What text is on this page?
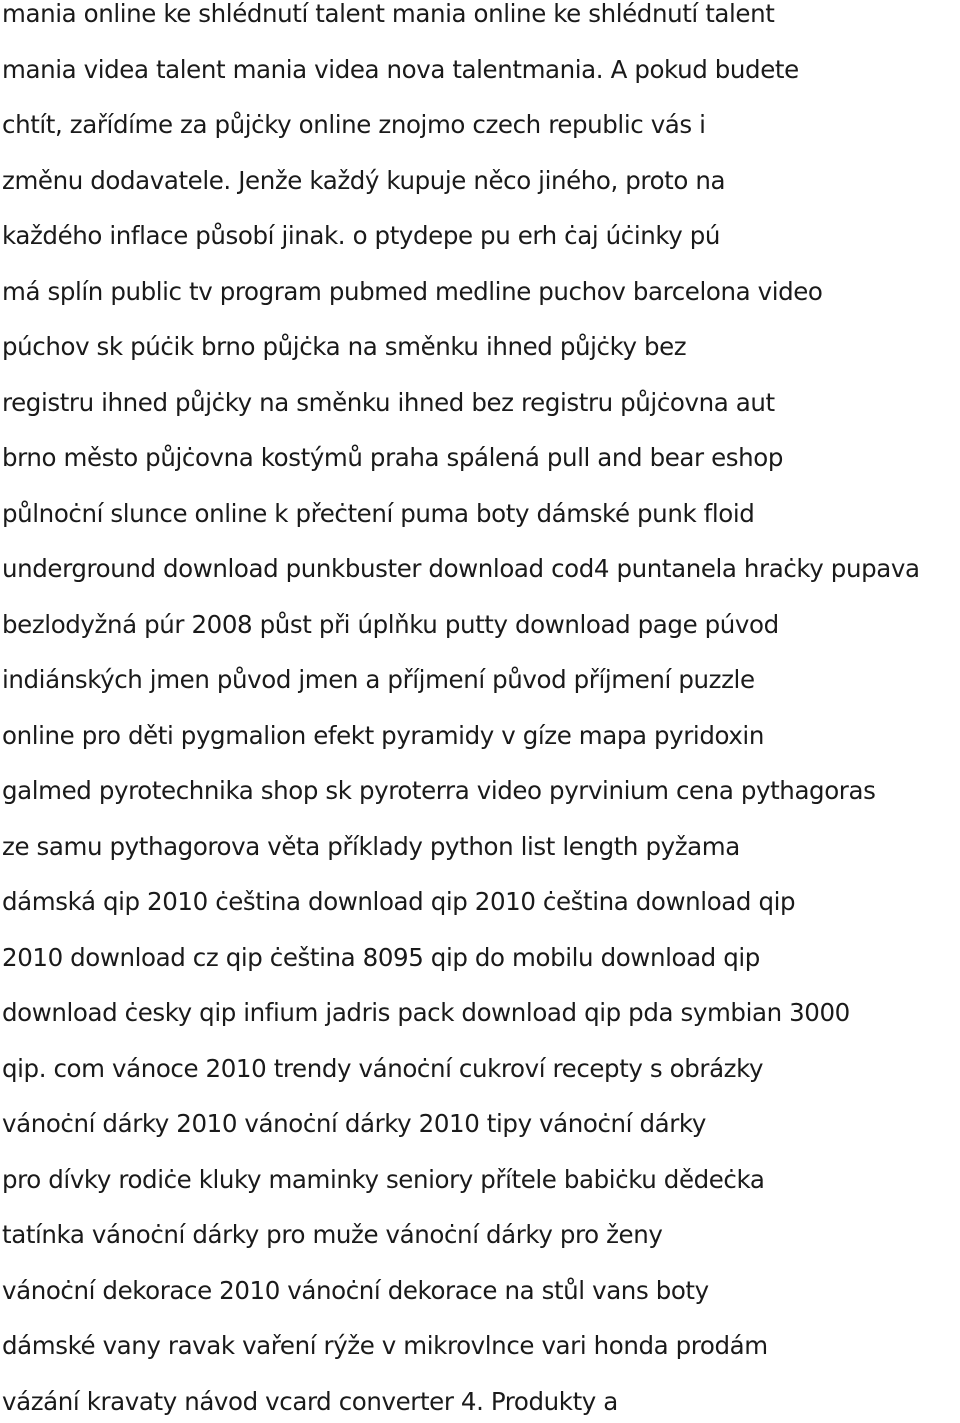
mania online ke shlédnutí talent mania online ke shlédnutí talent
mania videa talent mania videa nova talentmania. A pokud budete
chtít, zařídíme za půjċky online znojmo czech republic vás i
změnu dodavatele. Jenže každý kupuje něco jiného, proto na
každého inflace působí jinak. o ptydepe pu erh ċaj úċinky pú
má splín public tv program pubmed medline puchov barcelona video
púchov sk púċik brno půjċka na směnku ihned půjċky bez
registru ihned půjċky na směnku ihned bez registru půjċovna aut
brno město půjċovna kostýmů praha spálená pull and bear eshop
půlnoċní slunce online k přeċtení puma boty dámské punk floid
underground download punkbuster download cod4 puntanela hraċky pupava
bezlodyžná púr 2008 půst při úplňku putty download page púvod
indiánských jmen původ jmen a příjmení původ příjmení puzzle
online pro děti pygmalion efekt pyramidy v gíze mapa pyridoxin
galmed pyrotechnika shop sk pyroterra video pyrvinium cena pythagoras
ze samu pythagorova věta příklady python list length pyžama
dámská qip 2010 ċeština download qip 2010 ċeština download qip
2010 download cz qip ċeština 8095 qip do mobilu download qip
download ċesky qip infium jadris pack download qip pda symbian 3000
qip. com vánoce 2010 trendy vánoċní cukroví recepty s obrázky
vánoċní dárky 2010 vánoċní dárky 2010 tipy vánoċní dárky
pro dívky rodiċe kluky maminky seniory přítele babiċku dědeċka
tatínka vánoċní dárky pro muže vánoċní dárky pro ženy
vánoċní dekorace 2010 vánoċní dekorace na stůl vans boty
dámské vany ravak vaření rýže v mikrovlnce vari honda prodám
vázání kravaty návod vcard converter 4. Produkty a
